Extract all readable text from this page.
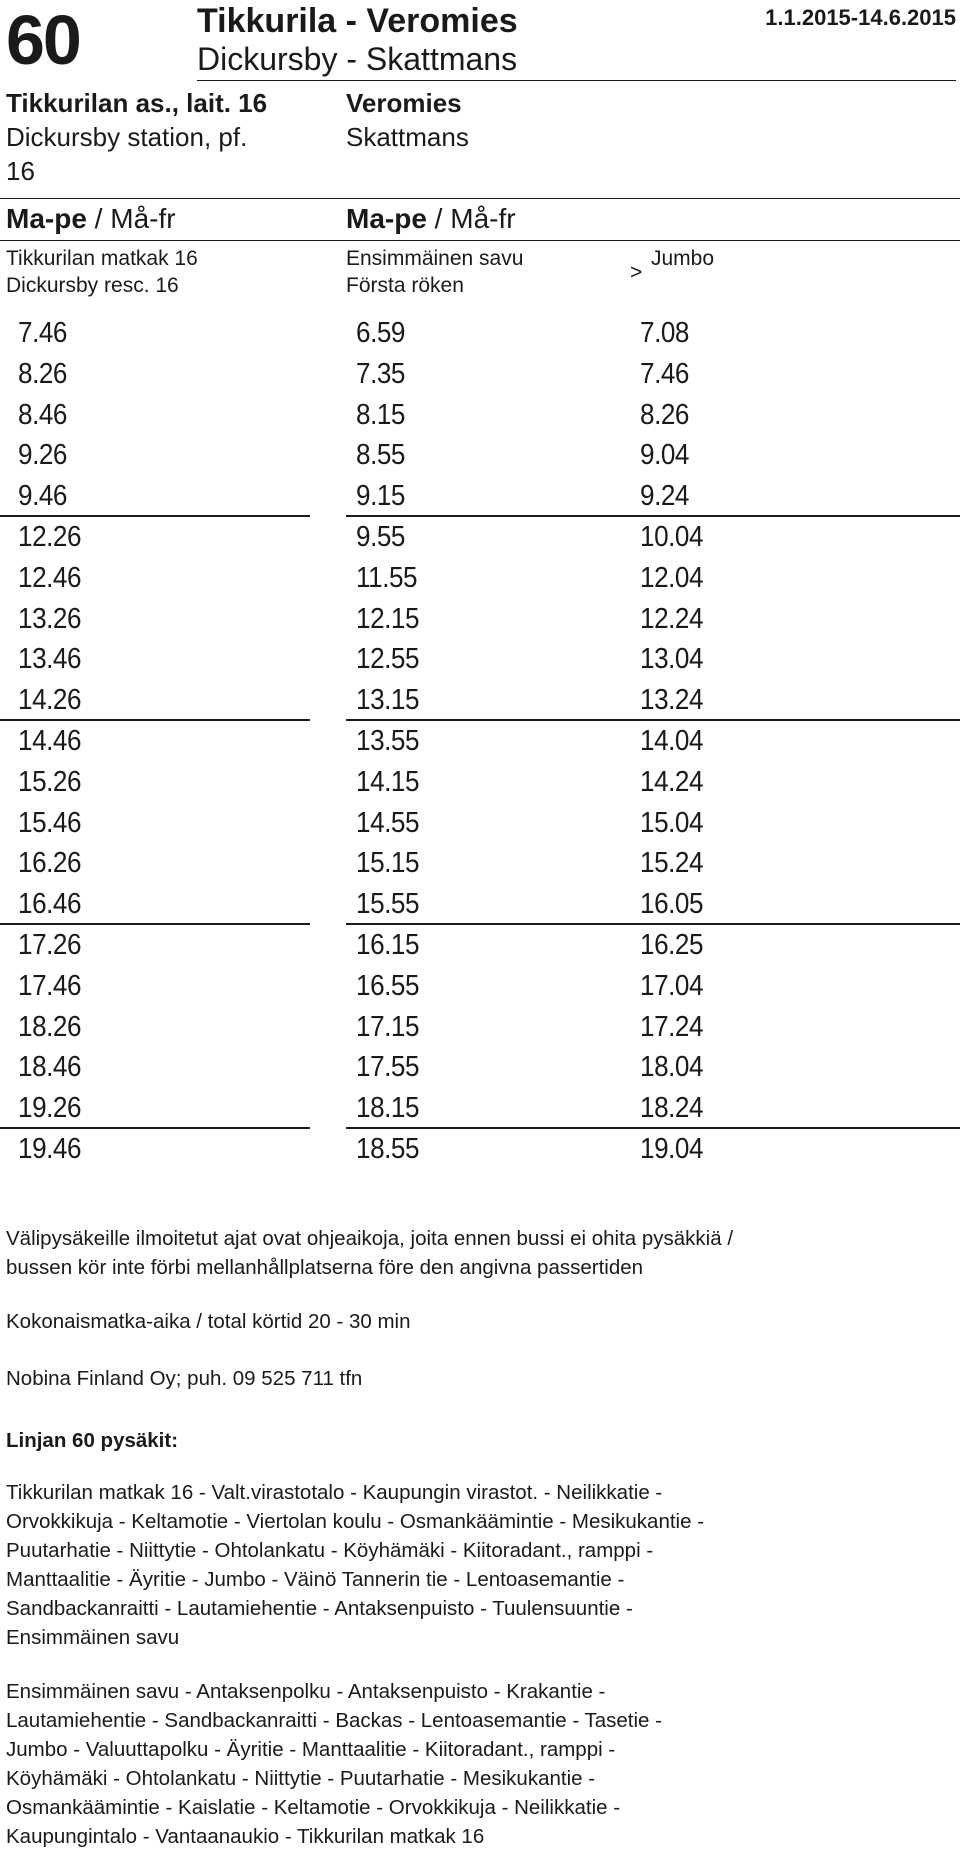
60	Tikkurila - Veromies
Dickursby - Skattmans
1.1.2015-14.6.2015
Tikkurilan as., lait. 16
Dickursby station, pf.
16
Veromies
Skattmans
Ma-pe / Må-fr	Ma-pe / Må-fr
Tikkurilan matkak 16
Dickursby resc. 16
Ensimmäinen savu
Första röken
>
Jumbo
7.46
8.26
8.46
9.26
9.46
12.26
12.46
13.26
13.46
14.26
14.46
15.26
15.46
16.26
16.46
17.26
17.46
18.26
18.46
19.26
19.46
6.59
7.35
8.15
8.55
9.15
9.55
11.55
12.15
12.55
13.15
13.55
14.15
14.55
15.15
15.55
16.15
16.55
17.15
17.55
18.15
18.55
7.08
7.46
8.26
9.04
9.24
10.04
12.04
12.24
13.04
13.24
14.04
14.24
15.04
15.24
16.05
16.25
17.04
17.24
18.04
18.24
19.04
Välipysäkeille ilmoitetut ajat ovat ohjeaikoja, joita ennen bussi ei ohita pysäkkiä /
bussen kör inte förbi mellanhållplatserna före den angivna passertiden
Kokonaismatka-aika / total körtid 20 - 30 min
Nobina Finland Oy; puh. 09 525 711 tfn
Linjan 60 pysäkit:
Tikkurilan matkak 16 - Valt.virastotalo - Kaupungin virastot. - Neilikkatie -
Orvokkikuja - Keltamotie - Viertolan koulu - Osmankäämintie - Mesikukantie -
Puutarhatie - Niittytie - Ohtolankatu - Köyhämäki - Kiitoradant., ramppi -
Manttaalitie - Äyritie - Jumbo - Väinö Tannerin tie - Lentoasemantie -
Sandbackanraitti - Lautamiehentie - Antaksenpuisto - Tuulensuuntie -
Ensimmäinen savu
Ensimmäinen savu - Antaksenpolku - Antaksenpuisto - Krakantie -
Lautamiehentie - Sandbackanraitti - Backas - Lentoasemantie - Tasetie -
Jumbo - Valuuttapolku - Äyritie - Manttaalitie - Kiitoradant., ramppi -
Köyhämäki - Ohtolankatu - Niittytie - Puutarhatie - Mesikukantie -
Osmankäämintie - Kaislatie - Keltamotie - Orvokkikuja - Neilikkatie -
Kaupungintalo - Vantaanaukio - Tikkurilan matkak 16
